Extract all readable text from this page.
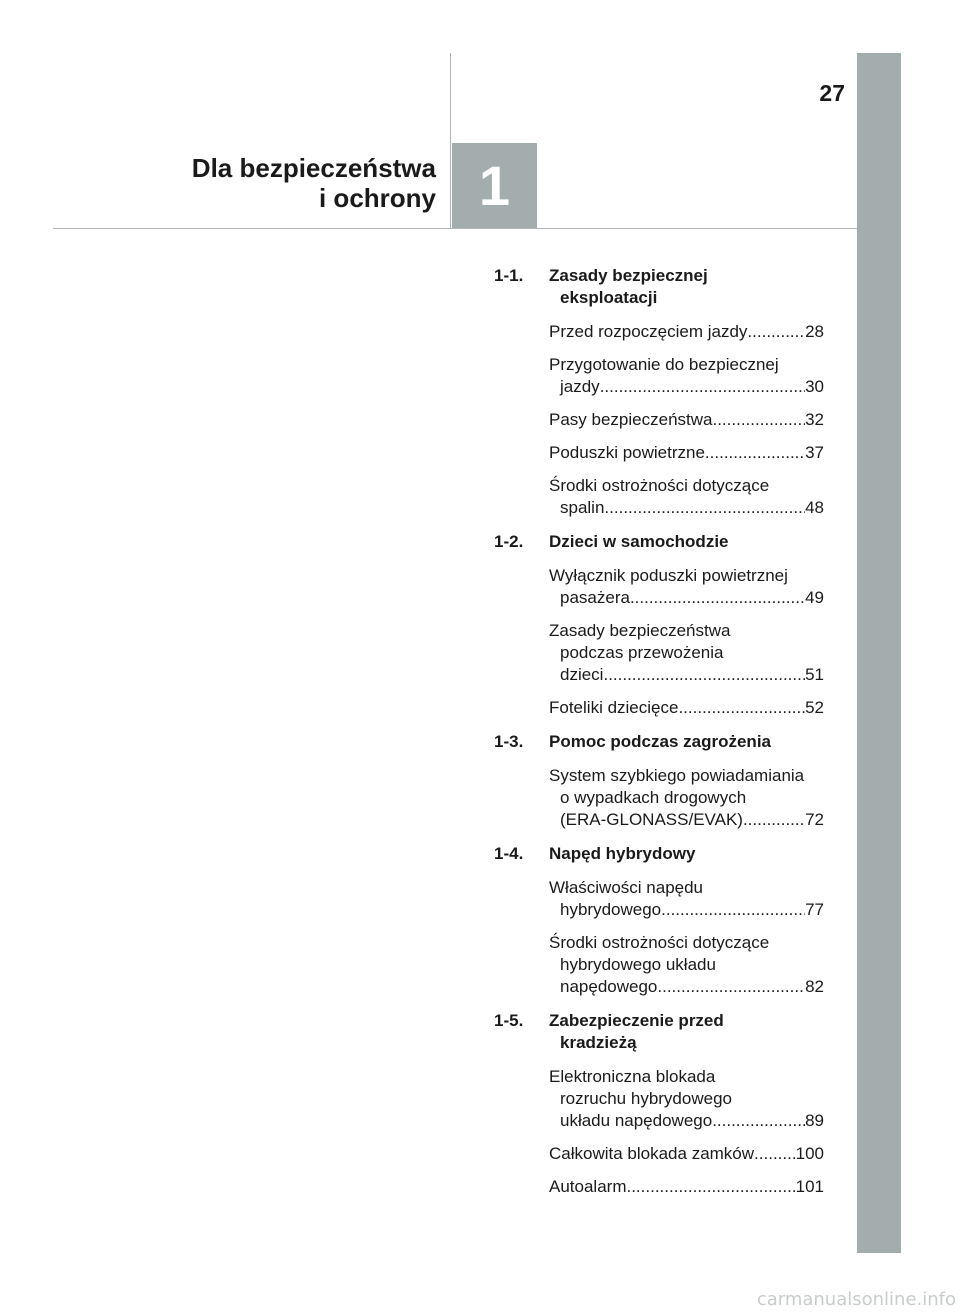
27
Dla bezpieczeństwa
i ochrony 1
1-1.	Zasady bezpiecznej
eksploatacji
Przed rozpoczęciem jazdy .....	28
Przygotowanie do bezpiecznej
jazdy .....	30
Pasy bezpieczeństwa .....	32
Poduszki powietrzne .....	37
Środki ostrożności dotyczące
spalin .....	48
1-2.	Dzieci w samochodzie
Wyłącznik poduszki powietrznej
pasażera .....	49
Zasady bezpieczeństwa
podczas przewożenia
dzieci .....	51
Foteliki dziecięce .....	52
1-3.	Pomoc podczas zagrożenia
System szybkiego powiadamiania
o wypadkach drogowych
(ERA-GLONASS/EVAK) .....	72
1-4.	Napęd hybrydowy
Właściwości napędu
hybrydowego .....	77
Środki ostrożności dotyczące
hybrydowego układu
napędowego .....	82
1-5.	Zabezpieczenie przed
kradzieżą
Elektroniczna blokada
rozruchu hybrydowego
układu napędowego .....	89
Całkowita blokada zamków ..... 100
Autoalarm .....	101
carmanualsonline.info
